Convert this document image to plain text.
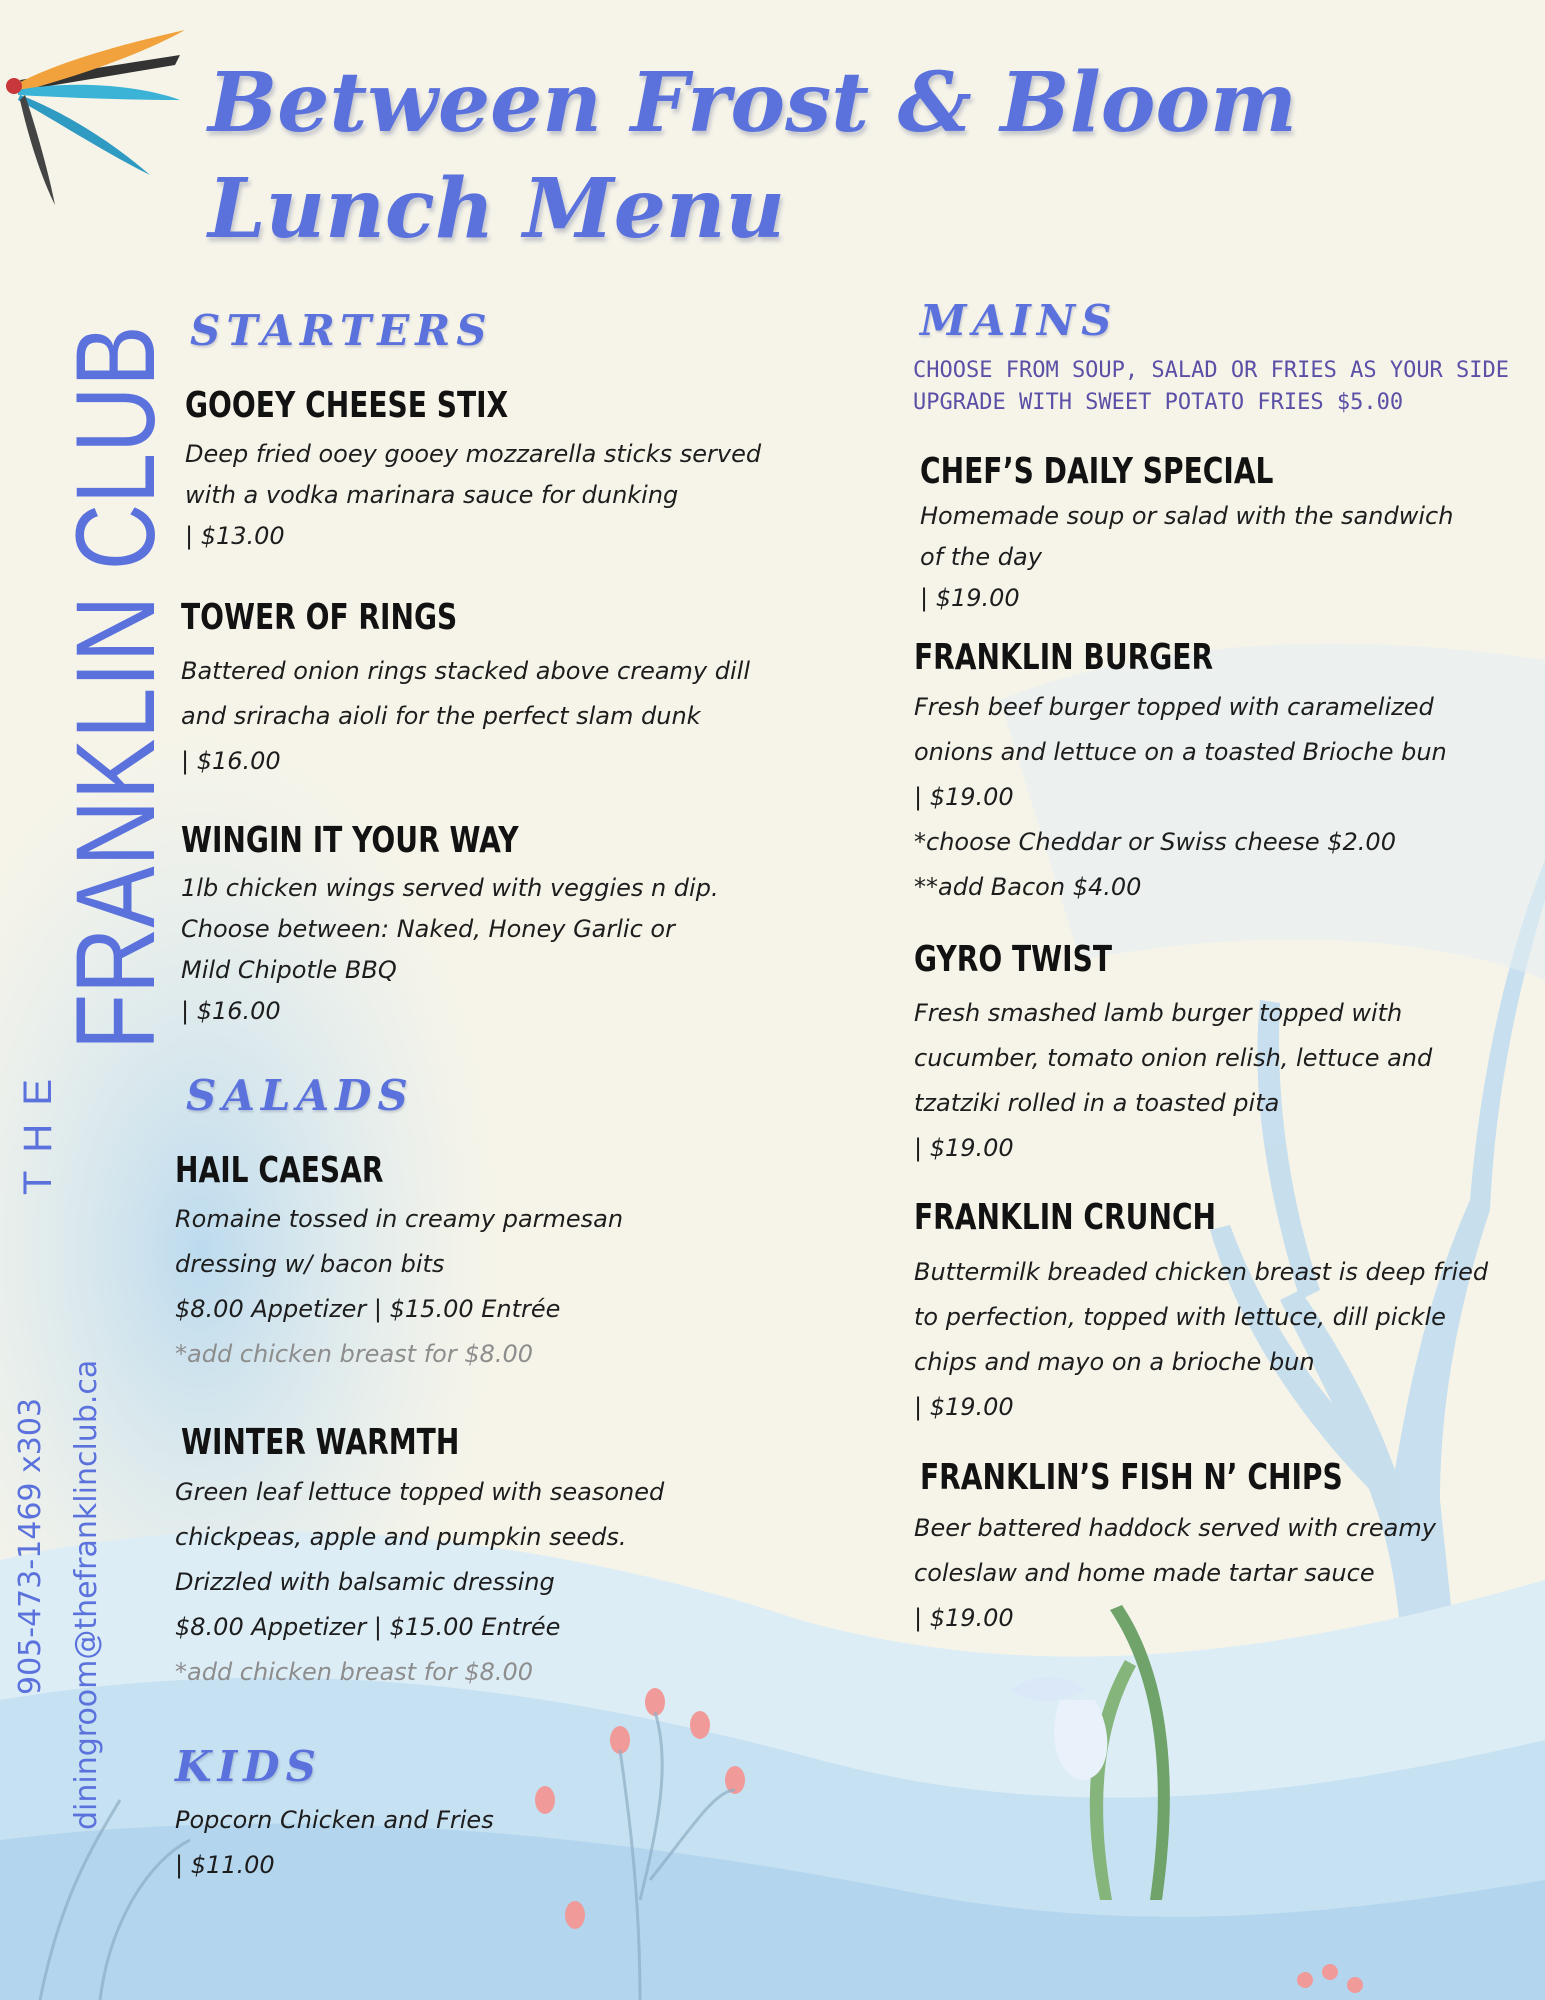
Between Frost & Bloom
Lunch Menu
FRANKLIN CLUB
THE
905-473-1469 x303 diningroom@thefranklinclub.ca
STARTERS
GOOEY CHEESE STIX

Deep fried ooey gooey mozzarella sticks served

with a vodka marinara sauce for dunking

| $13.00

TOWER OF RINGS

Battered onion rings stacked above creamy dill

and sriracha aioli for the perfect slam dunk

| $16.00

WINGIN IT YOUR WAY

1lb chicken wings served with veggies n dip.

Choose between: Naked, Honey Garlic or

Mild Chipotle BBQ

| $16.00

SALADS
HAIL CAESAR

Romaine tossed in creamy parmesan

dressing w/ bacon bits

$8.00 Appetizer | $15.00 Entrée

*add chicken breast for $8.00

WINTER WARMTH

Green leaf lettuce topped with seasoned

chickpeas, apple and pumpkin seeds.

Drizzled with balsamic dressing

$8.00 Appetizer | $15.00 Entrée

*add chicken breast for $8.00

KIDS

Popcorn Chicken and Fries

| $11.00

MAINS

CHOOSE FROM SOUP, SALAD OR FRIES AS YOUR SIDE

UPGRADE WITH SWEET POTATO FRIES $5.00

CHEF’S DAILY SPECIAL

Homemade soup or salad with the sandwich

of the day

| $19.00

FRANKLIN BURGER

Fresh beef burger topped with caramelized

onions and lettuce on a toasted Brioche bun

| $19.00

*choose Cheddar or Swiss cheese $2.00

**add Bacon $4.00

GYRO TWIST

Fresh smashed lamb burger topped with

cucumber, tomato onion relish, lettuce and

tzatziki rolled in a toasted pita

| $19.00

FRANKLIN CRUNCH

Buttermilk breaded chicken breast is deep fried

to perfection, topped with lettuce, dill pickle

chips and mayo on a brioche bun

| $19.00

FRANKLIN’S FISH N’ CHIPS

Beer battered haddock served with creamy

coleslaw and home made tartar sauce

| $19.00
